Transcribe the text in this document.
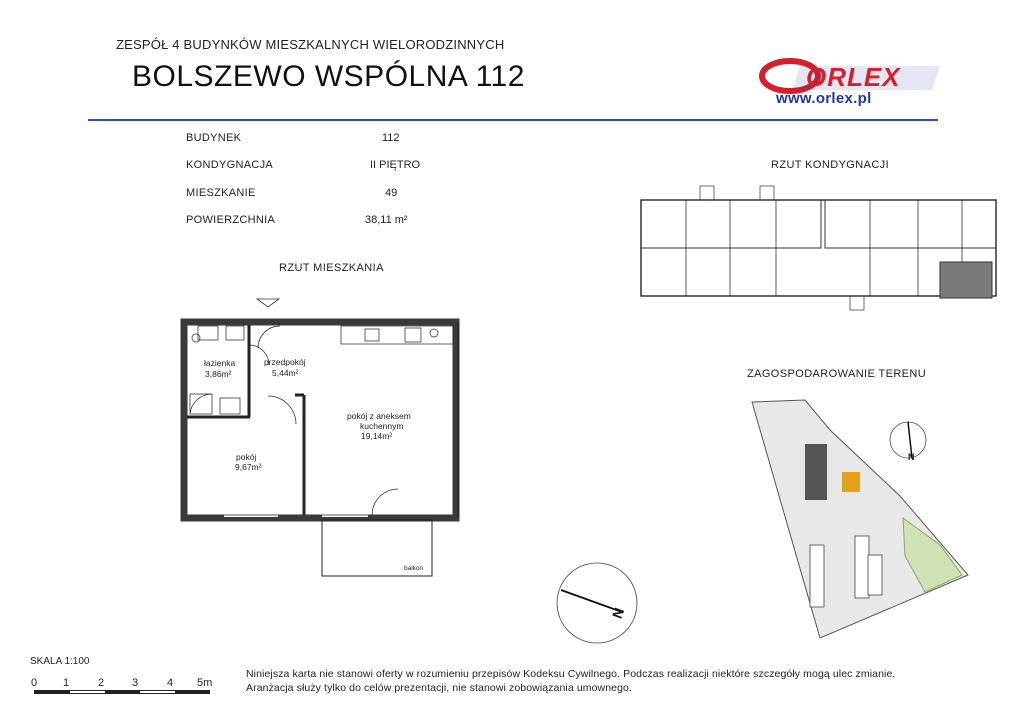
ZESPÓŁ 4 BUDYNKÓW MIESZKALNYCH WIELORODZINNYCH
BOLSZEWO WSPÓLNA 112	ORLEX
www.orlex.pl
BUDYNEK	112
KONDYGNACJA	II PIĘTRO
MIESZKANIE	49
POWIERZCHNIA	38,11 m²
RZUT MIESZKANIA
RZUT KONDYGNACJI
ZAGOSPODAROWANIE TERENU
łazienka
3,86m²
przedpokój
5,44m²
pokój z aneksem
kuchennym
19,14m²
pokój
9,67m²
balkon
N
N
SKALA 1:100
0 1	2	3	4 5m
Niniejsza karta nie stanowi oferty w rozumieniu przepisów Kodeksu Cywilnego. Podczas realizacji niektóre szczegóły mogą ulec zmianie.
Aranżacja służy tylko do celów prezentacji, nie stanowi zobowiązania umownego.
